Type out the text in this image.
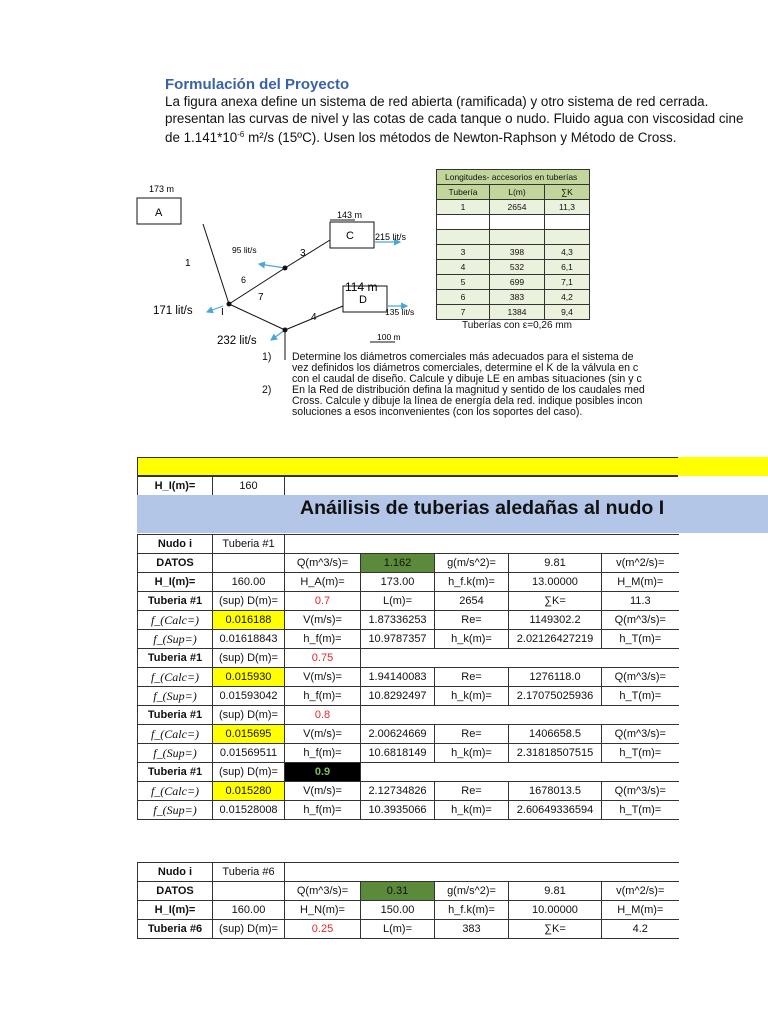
Formulación del Proyecto
La figura anexa define un sistema de red abierta (ramificada) y otro sistema de red cerrada.
presentan las curvas de nivel y las cotas de cada tanque o nudo. Fluido agua con viscosidad cine
de $1.141*10^{-6}$ m²/s (15ºC). Usen los métodos de Newton-Raphson y Método de Cross.
173 m
A	143 m
C 215 lit/s
114 m
D
135 lit/s
100 m
95 lit/s
171 lit/s
232 lit/s
I
1
3
4
6
7
Longitudes- accesorios en tuberías		
Tubería	L(m)	∑K
1	2654	11,3

3	398	4,3
4	532	6,1
5	699	7,1
6	383	4,2
7	1384	9,4
Tuberías con ε=0,26 mm
1) Determine los diámetros comerciales más adecuados para el sistema de
vez definidos los diámetros comerciales, determine el K de la válvula en c
con el caudal de diseño. Calcule y dibuje LE en ambas situaciones (sin y c
2) En la Red de distribución defina la magnitud y sentido de los caudales med
Cross. Calcule y dibuje la línea de energía dela red. indique posibles incon
soluciones a esos inconvenientes (con los soportes del caso).
H_I(m)=	160	
Anáilisis de tuberias aledañas al nudo I
Nudo i	Tuberia #1					
DATOS		Q(m^3/s)=	1.162	g(m/s^2)=	9.81	v(m^2/s)=
H_I(m)=	160.00	H_A(m)=	173.00	h_f.k(m)=	13.00000	H_M(m)=
Tuberia #1	(sup) D(m)=	0.7	L(m)=	2654	∑K=	11.3
f_(Calc=)	0.016188	V(m/s)=	1.87336253	Re=	1149302.2	Q(m^3/s)=
f_(Sup=)	0.01618843	h_f(m)=	10.9787357	h_k(m)=	2.02126427219	h_T(m)=
Tuberia #1	(sup) D(m)=	0.75				
f_(Calc=)	0.015930	V(m/s)=	1.94140083	Re=	1276118.0	Q(m^3/s)=
f_(Sup=)	0.01593042	h_f(m)=	10.8292497	h_k(m)=	2.17075025936	h_T(m)=
Tuberia #1	(sup) D(m)=	0.8				
f_(Calc=)	0.015695	V(m/s)=	2.00624669	Re=	1406658.5	Q(m^3/s)=
f_(Sup=)	0.01569511	h_f(m)=	10.6818149	h_k(m)=	2.31818507515	h_T(m)=
Tuberia #1	(sup) D(m)=	0.9				
f_(Calc=)	0.015280	V(m/s)=	2.12734826	Re=	1678013.5	Q(m^3/s)=
f_(Sup=)	0.01528008	h_f(m)=	10.3935066	h_k(m)=	2.60649336594	h_T(m)=
Nudo i	Tuberia #6					
DATOS		Q(m^3/s)=	0.31	g(m/s^2)=	9.81	v(m^2/s)=
H_I(m)=	160.00	H_N(m)=	150.00	h_f.k(m)=	10.00000	H_M(m)=
Tuberia #6	(sup) D(m)=	0.25	L(m)=	383	∑K=	4.2
